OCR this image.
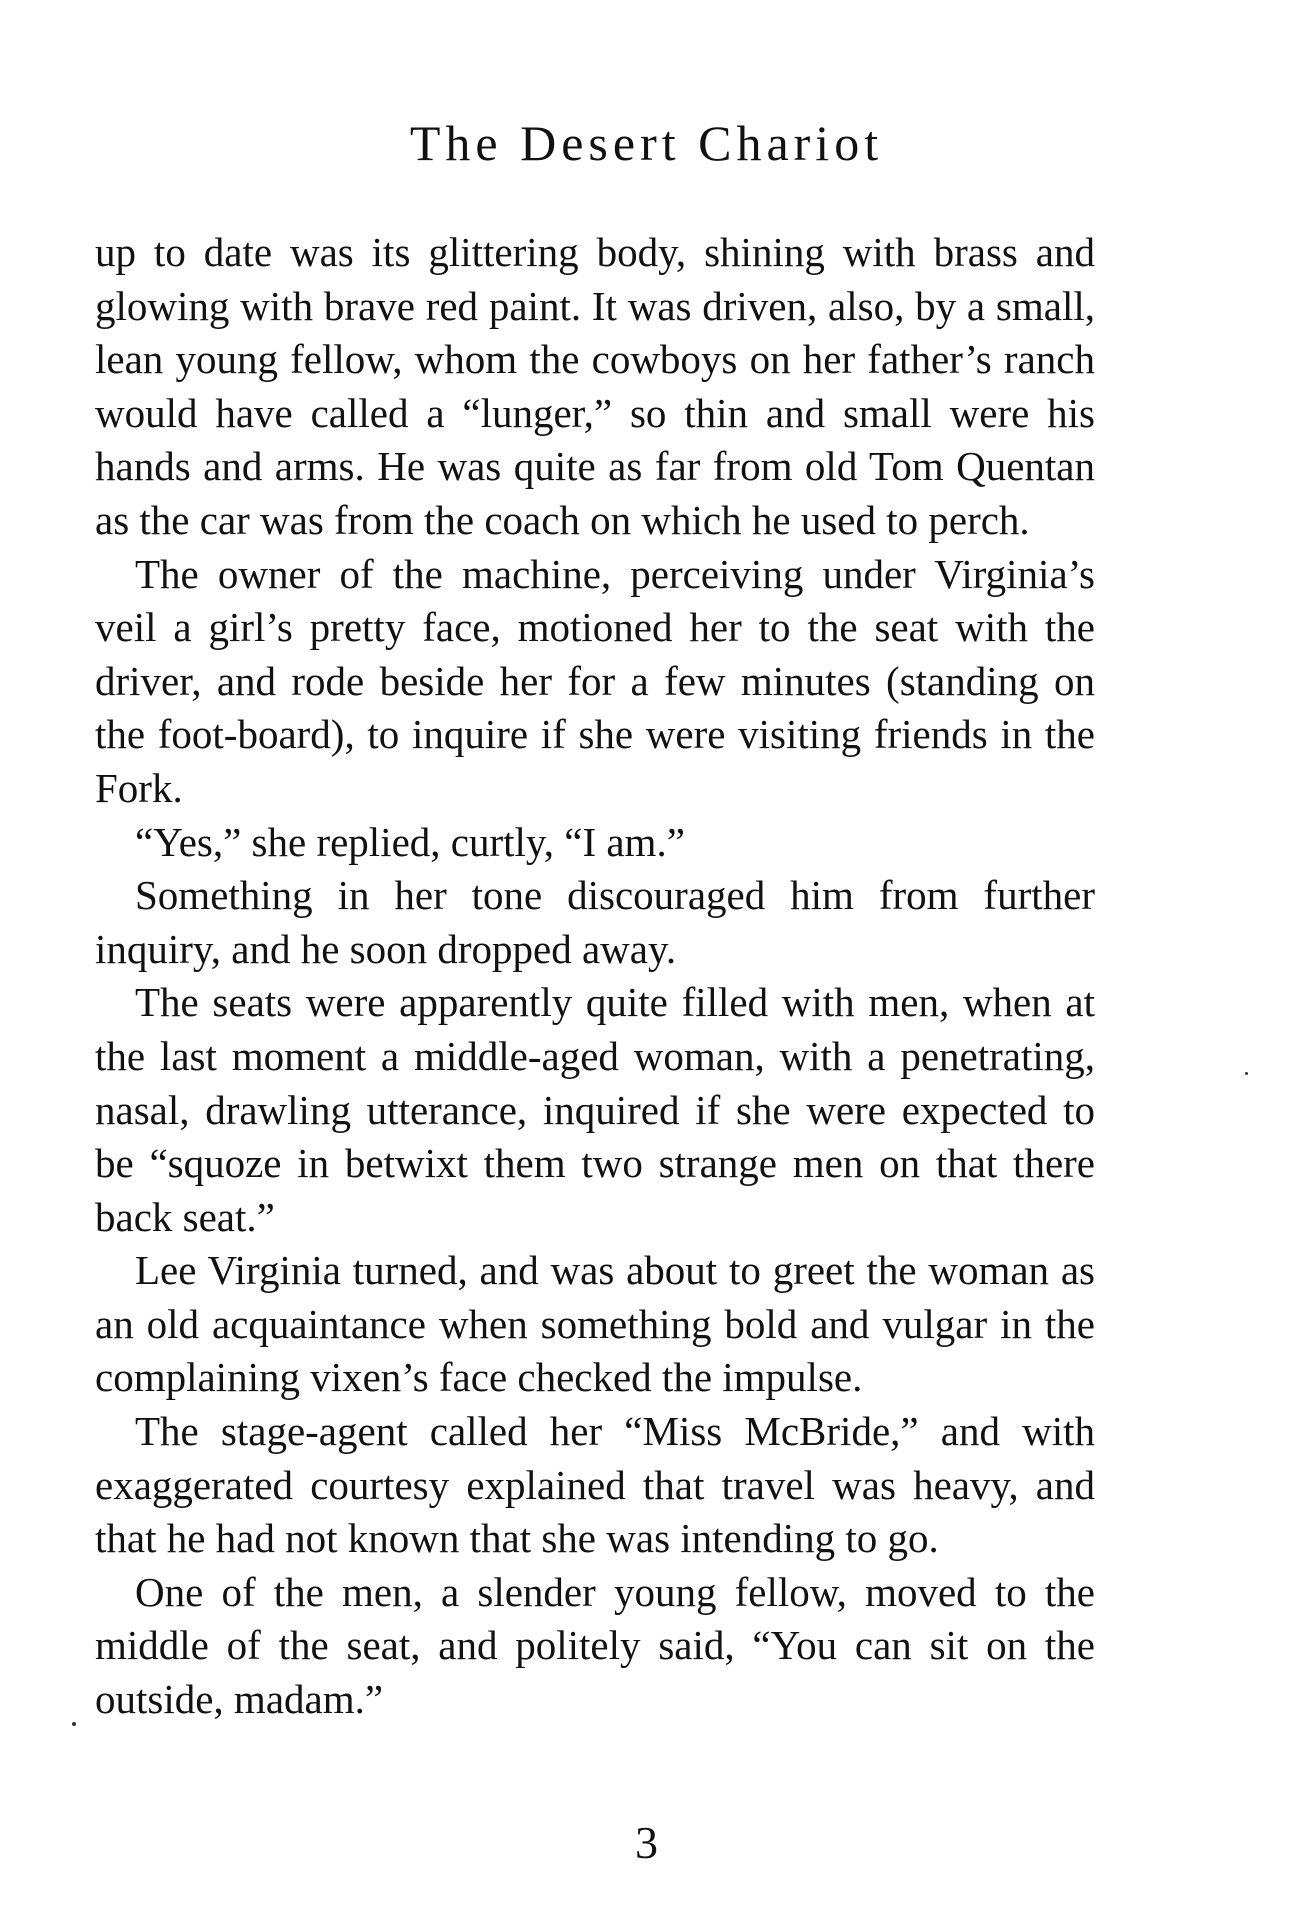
The Desert Chariot

up to date was its glittering body, shining with brass and glowing with brave red paint. It was driven, also, by a small, lean young fellow, whom the cowboys on her father’s ranch would have called a “lunger,” so thin and small were his hands and arms. He was quite as far from old Tom Quentan as the car was from the coach on which he used to perch.

The owner of the machine, perceiving under Virginia’s veil a girl’s pretty face, motioned her to the seat with the driver, and rode beside her for a few minutes (standing on the foot-board), to inquire if she were visiting friends in the Fork.

“Yes,” she replied, curtly, “I am.”

Something in her tone discouraged him from further inquiry, and he soon dropped away.

The seats were apparently quite filled with men, when at the last moment a middle-aged woman, with a penetrating, nasal, drawling utterance, inquired if she were expected to be “squoze in betwixt them two strange men on that there back seat.”

Lee Virginia turned, and was about to greet the woman as an old acquaintance when something bold and vulgar in the complaining vixen’s face checked the impulse.

The stage-agent called her “Miss McBride,” and with exaggerated courtesy explained that travel was heavy, and that he had not known that she was intending to go.

One of the men, a slender young fellow, moved to the middle of the seat, and politely said, “You can sit on the outside, madam.”

3
